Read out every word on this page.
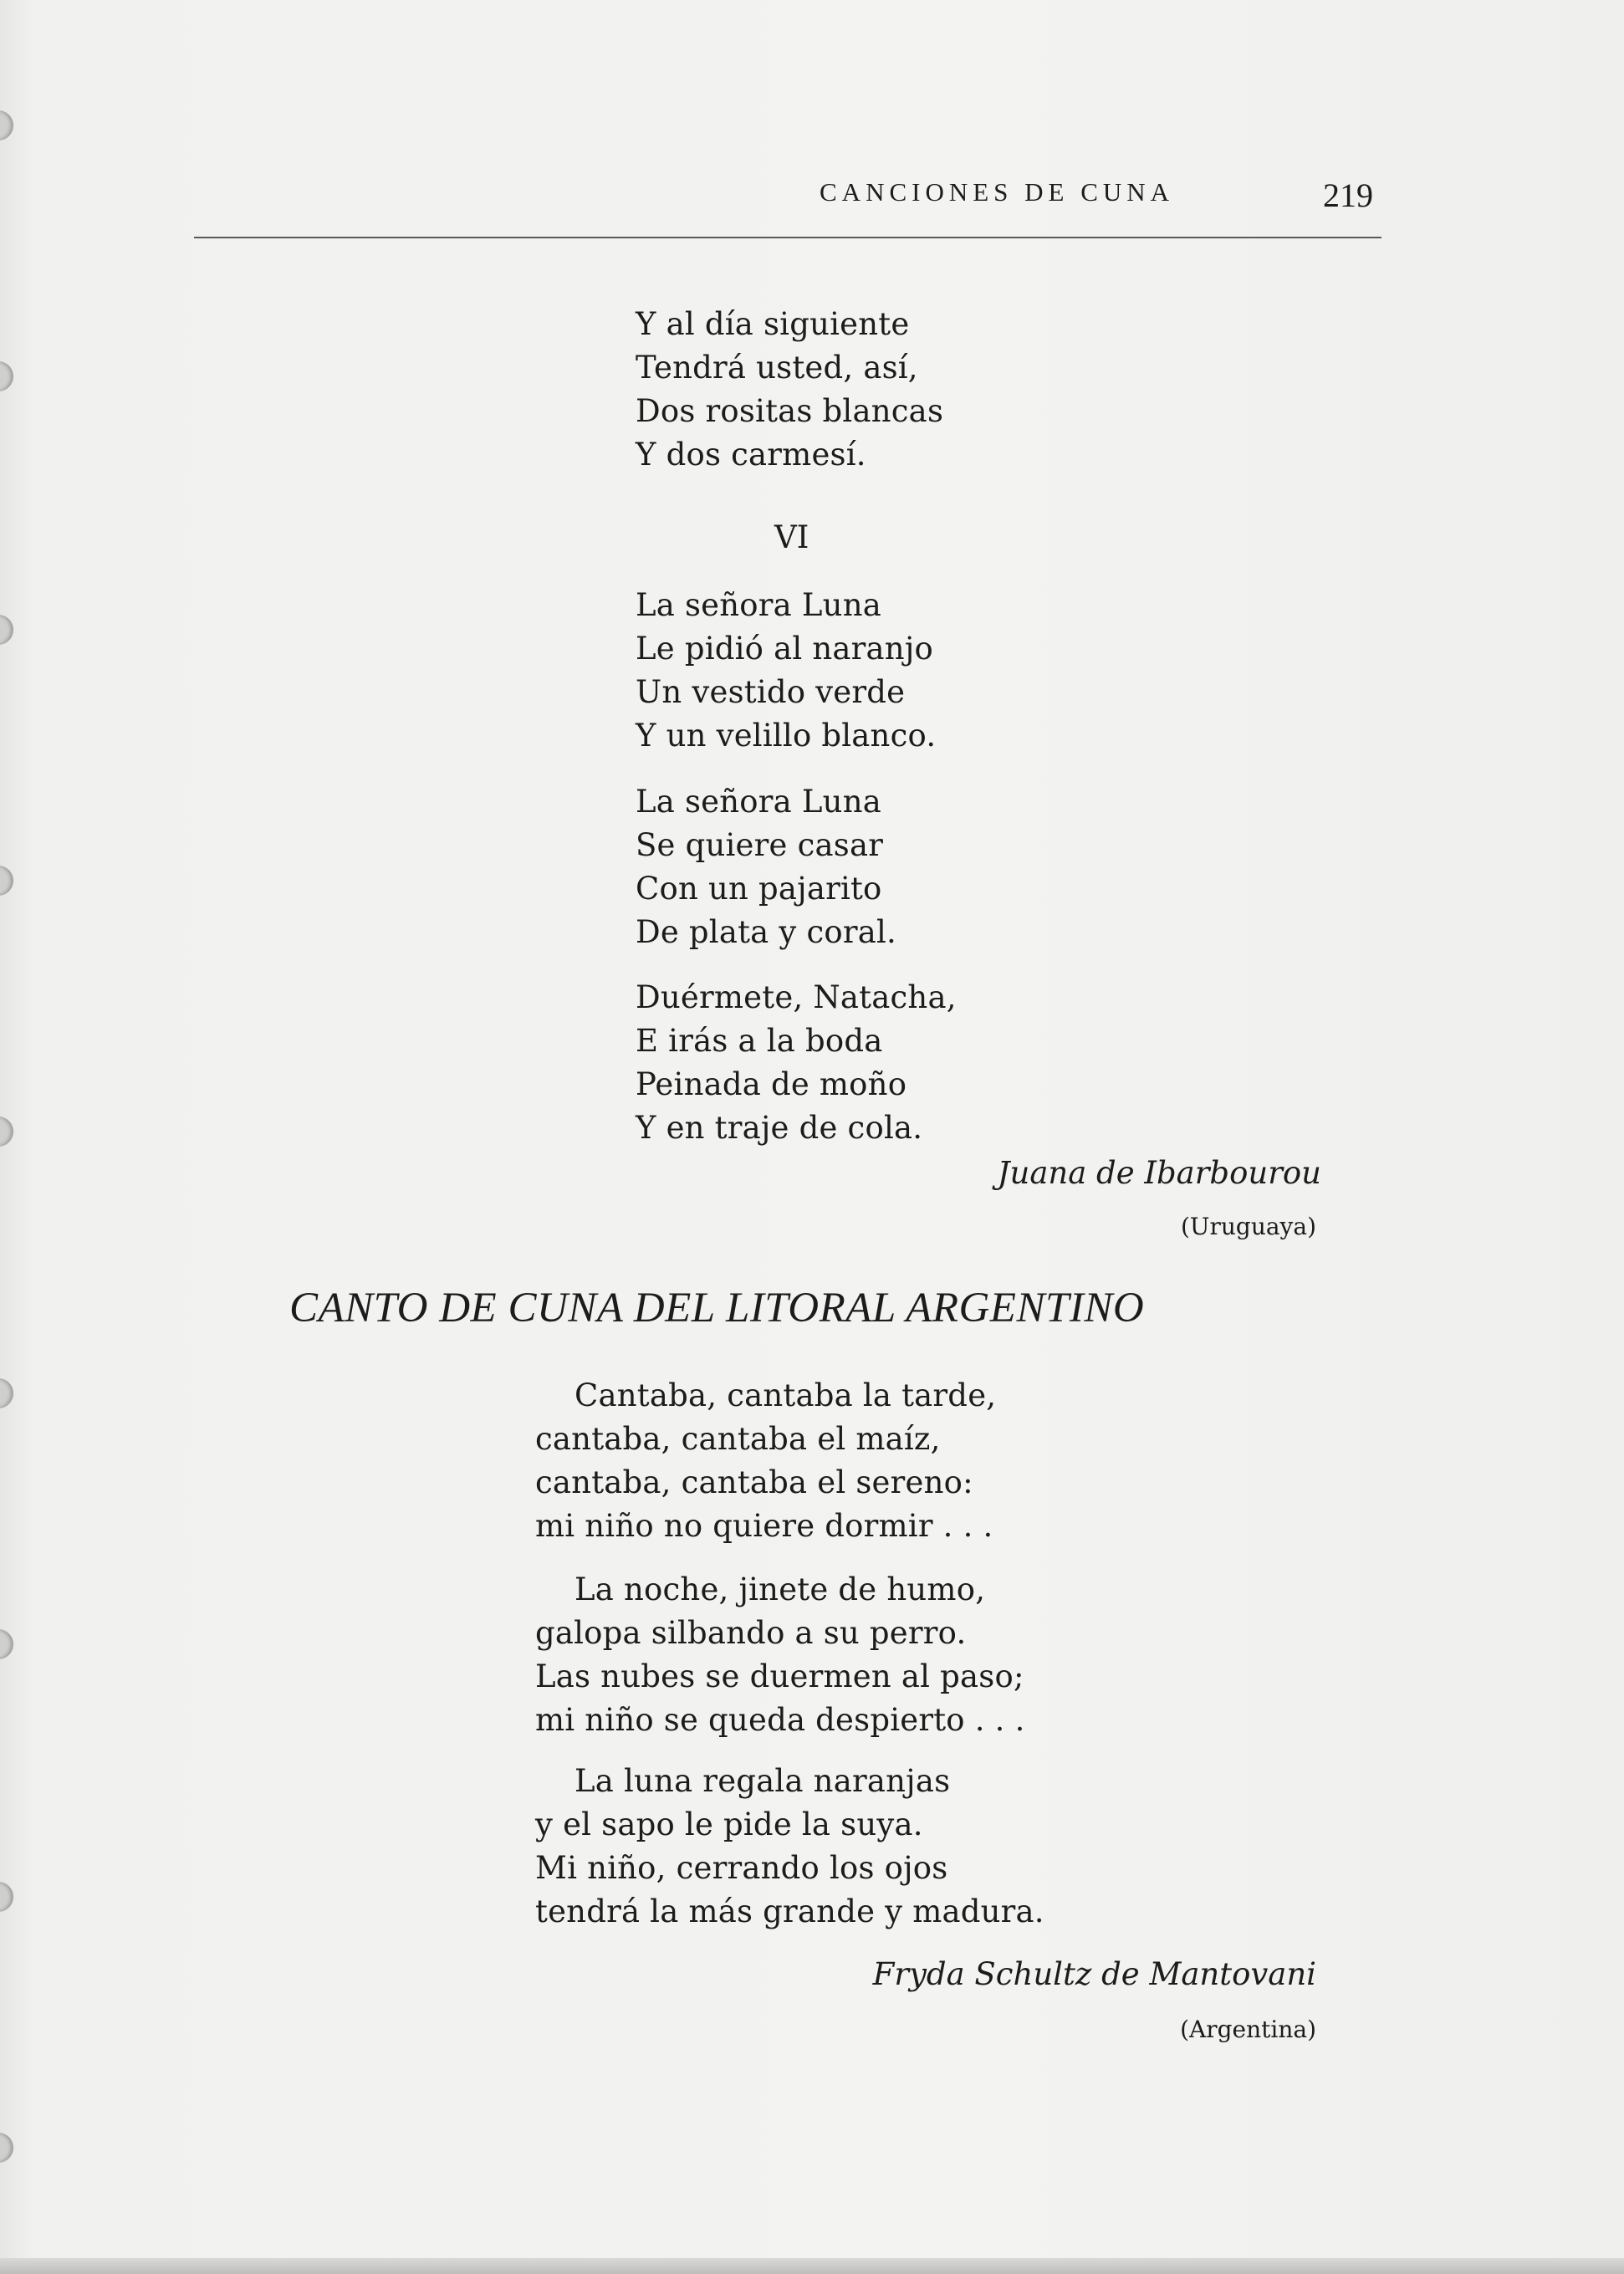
CANCIONES DE CUNA	219
Y al día siguiente
Tendrá usted, así,
Dos rositas blancas
Y dos carmesí.
VI
La señora Luna
Le pidió al naranjo
Un vestido verde
Y un velillo blanco.
La señora Luna
Se quiere casar
Con un pajarito
De plata y coral.
Duérmete, Natacha,
E irás a la boda
Peinada de moño
Y en traje de cola.
Juana de Ibarbourou
(Uruguaya)
CANTO DE CUNA DEL LITORAL ARGENTINO
Cantaba, cantaba la tarde,
cantaba, cantaba el maíz,
cantaba, cantaba el sereno:
mi niño no quiere dormir . . .
La noche, jinete de humo,
galopa silbando a su perro.
Las nubes se duermen al paso;
mi niño se queda despierto . . .
La luna regala naranjas
y el sapo le pide la suya.
Mi niño, cerrando los ojos
tendrá la más grande y madura.
Fryda Schultz de Mantovani
(Argentina)
